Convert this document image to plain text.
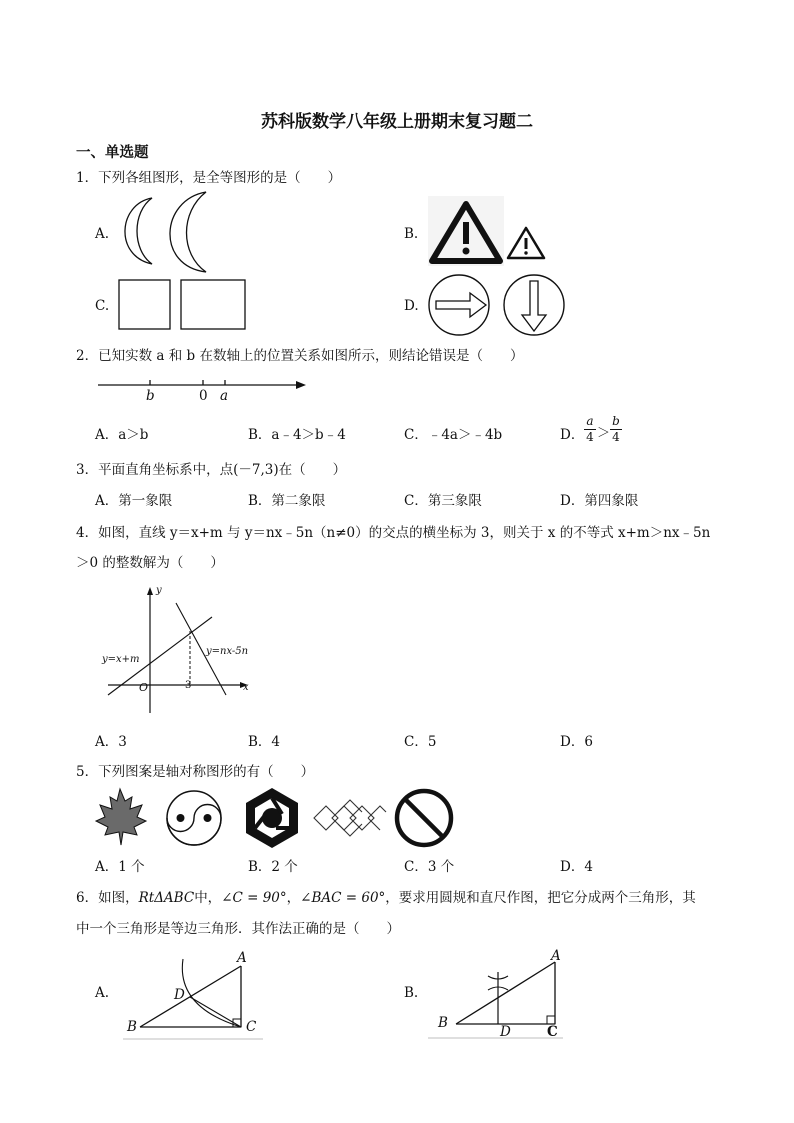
苏科版数学八年级上册期末复习题二
一、单选题
1．下列各组图形，是全等图形的是（　　）
A.	B.
C.	D.
2．已知实数 a 和 b 在数轴上的位置关系如图所示，则结论错误是（　　）
b	0 a
A．a＞b	B．a﹣4＞b﹣4	C．﹣4a＞﹣4b	D．
a
4 ＞
b
4
3．平面直角坐标系中，点(－7,3)在（　　）
A．第一象限	B．第二象限	C．第三象限	D．第四象限
4．如图，直线 y＝x+m 与 y＝nx﹣5n（n≠0）的交点的横坐标为 3，则关于 x 的不等式 x+m＞nx﹣5n
＞0 的整数解为（　　）
y
x
O	3
y=x+m
y=nx-5n
A．3	B．4	C．5	D．6
5．下列图案是轴对称图形的有（　　）
A．1 个	B．2 个	C．3 个	D．4
6．如图，RtΔABC中，∠C = 90°，∠BAC = 60°，要求用圆规和直尺作图，把它分成两个三角形，其
中一个三角形是等边三角形．其作法正确的是（　　）
A.	B.
A
B	C
D
A
B
C
D
